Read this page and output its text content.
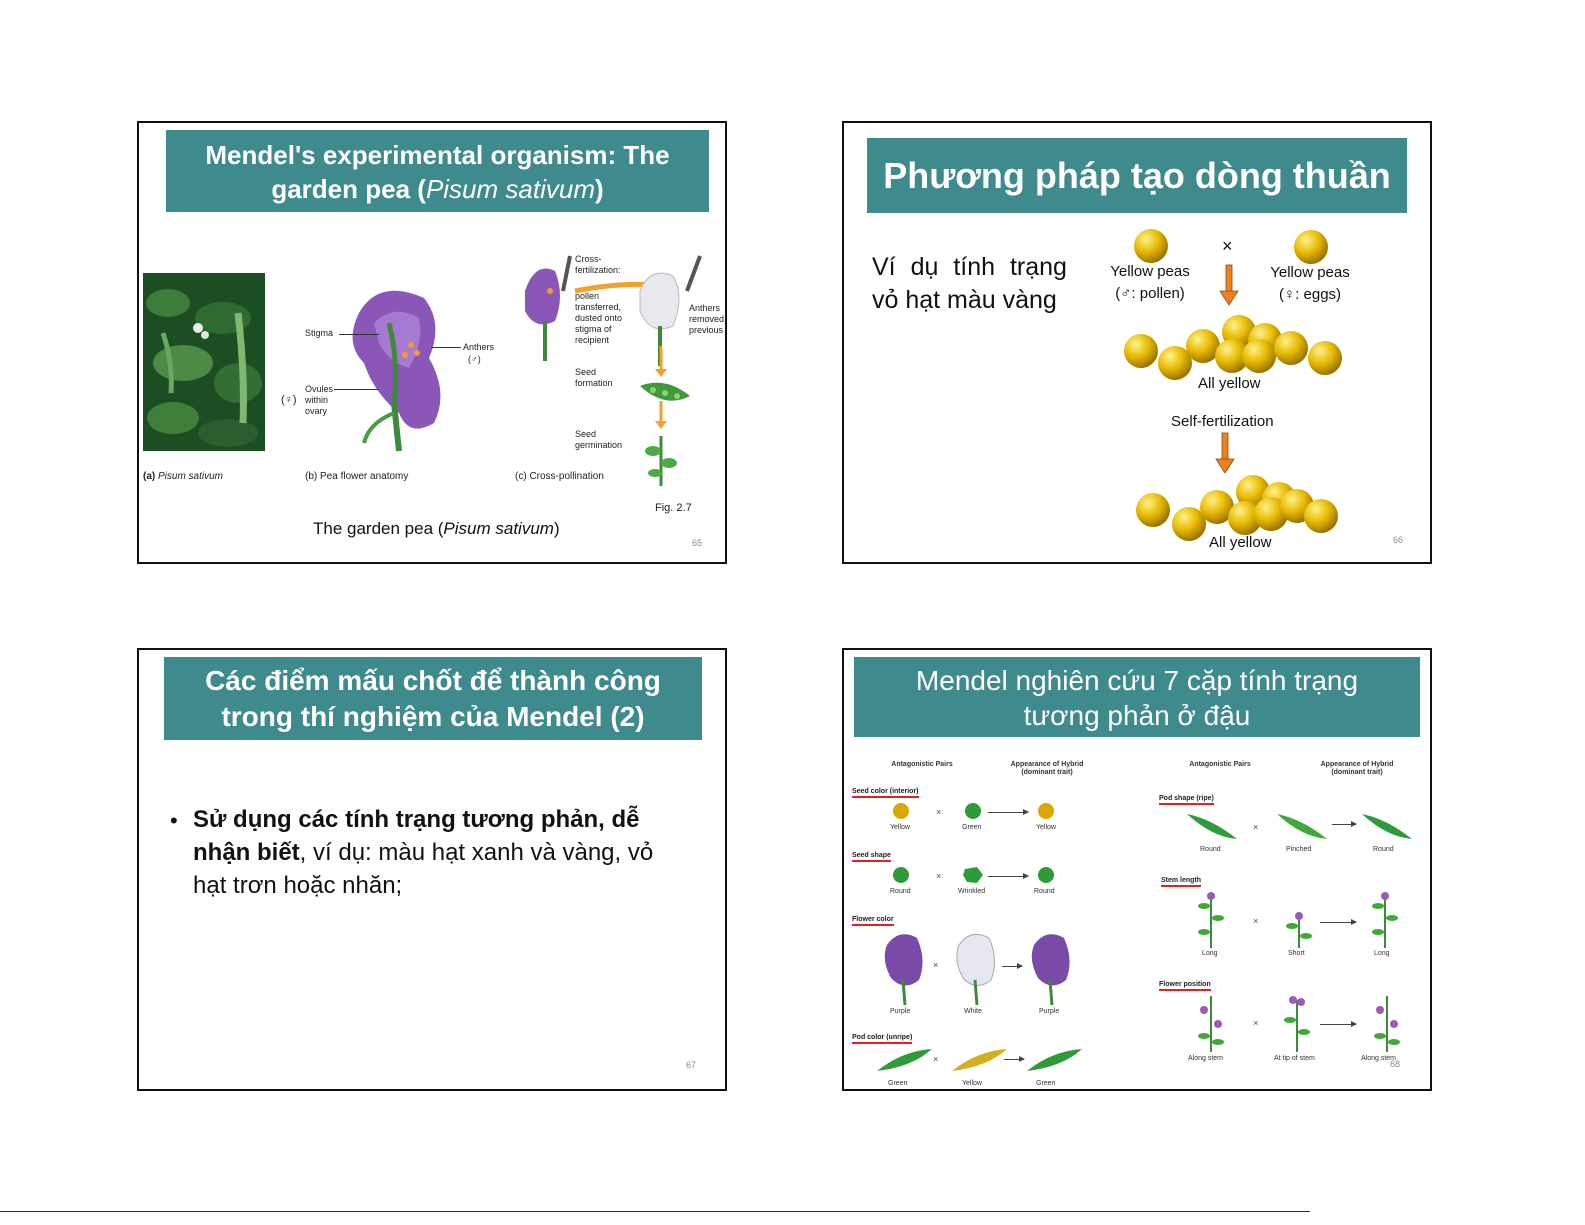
Mendel's experimental organism: The garden pea (Pisum sativum)
Stigma
Anthers
(♂)
(♀)
Ovules within ovary
Cross-fertilization:
pollen transferred, dusted onto stigma of recipient
Anthers removed previous
Seed formation
Seed germination
(a) Pisum sativum	(b) Pea flower anatomy	(c) Cross-pollination
Fig. 2.7
The garden pea (Pisum sativum)
65
Phương pháp tạo dòng thuần
Ví dụ tính trạng
vỏ hạt màu vàng
Yellow peas
(♂: pollen)
Yellow peas
(♀: eggs)
×
All yellow
Self-fertilization
All yellow	66
Các điểm mấu chốt để thành công
trong thí nghiệm của Mendel (2)
• Sử dụng các tính trạng tương phản, dễ nhận biết, ví dụ: màu hạt xanh và vàng, vỏ hạt trơn hoặc nhăn;
67
Mendel nghiên cứu 7 cặp tính trạng
tương phản ở đậu
Antagonistic Pairs	Appearance of Hybrid (dominant trait)
Seed color (interior)
×
Yellow	Green	Yellow
Seed shape
×
Round	Wrinkled	Round
Flower color
×
Purple	White	Purple
Pod color (unripe)
×
Green	Yellow	Green
Antagonistic Pairs	Appearance of Hybrid (dominant trait)
Pod shape (ripe)
×
Round	Pinched	Round
Stem length
×
Long	Short	Long
Flower position
×
Along stem	At tip of stem	Along stem
68
